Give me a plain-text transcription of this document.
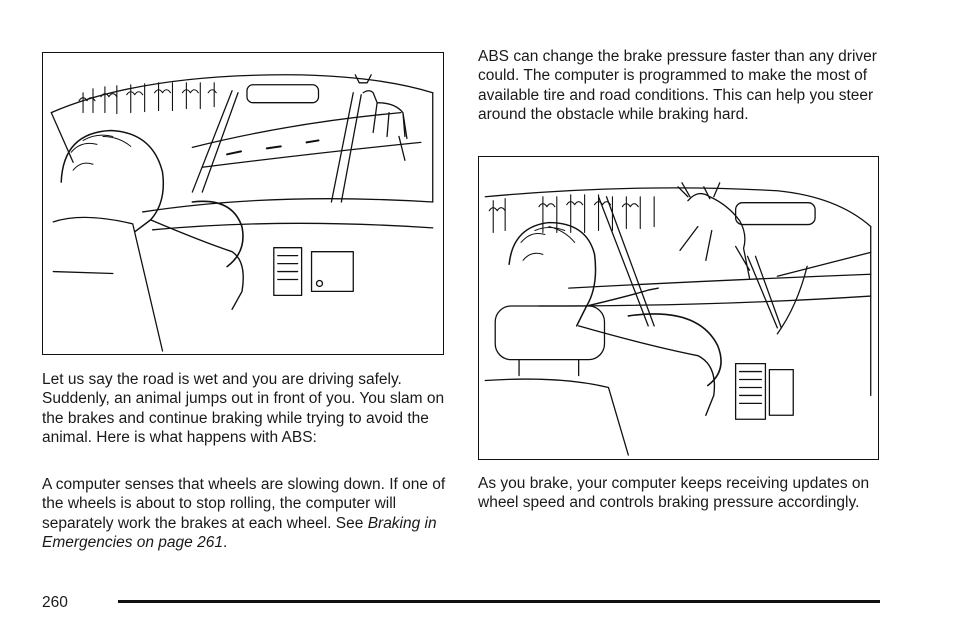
Let us say the road is wet and you are driving safely. Suddenly, an animal jumps out in front of you. You slam on the brakes and continue braking while trying to avoid the animal. Here is what happens with ABS:

A computer senses that wheels are slowing down. If one of the wheels is about to stop rolling, the computer will separately work the brakes at each wheel. See Braking in Emergencies on page 261.

ABS can change the brake pressure faster than any driver could. The computer is programmed to make the most of available tire and road conditions. This can help you steer around the obstacle while braking hard.

As you brake, your computer keeps receiving updates on wheel speed and controls braking pressure accordingly.

260
